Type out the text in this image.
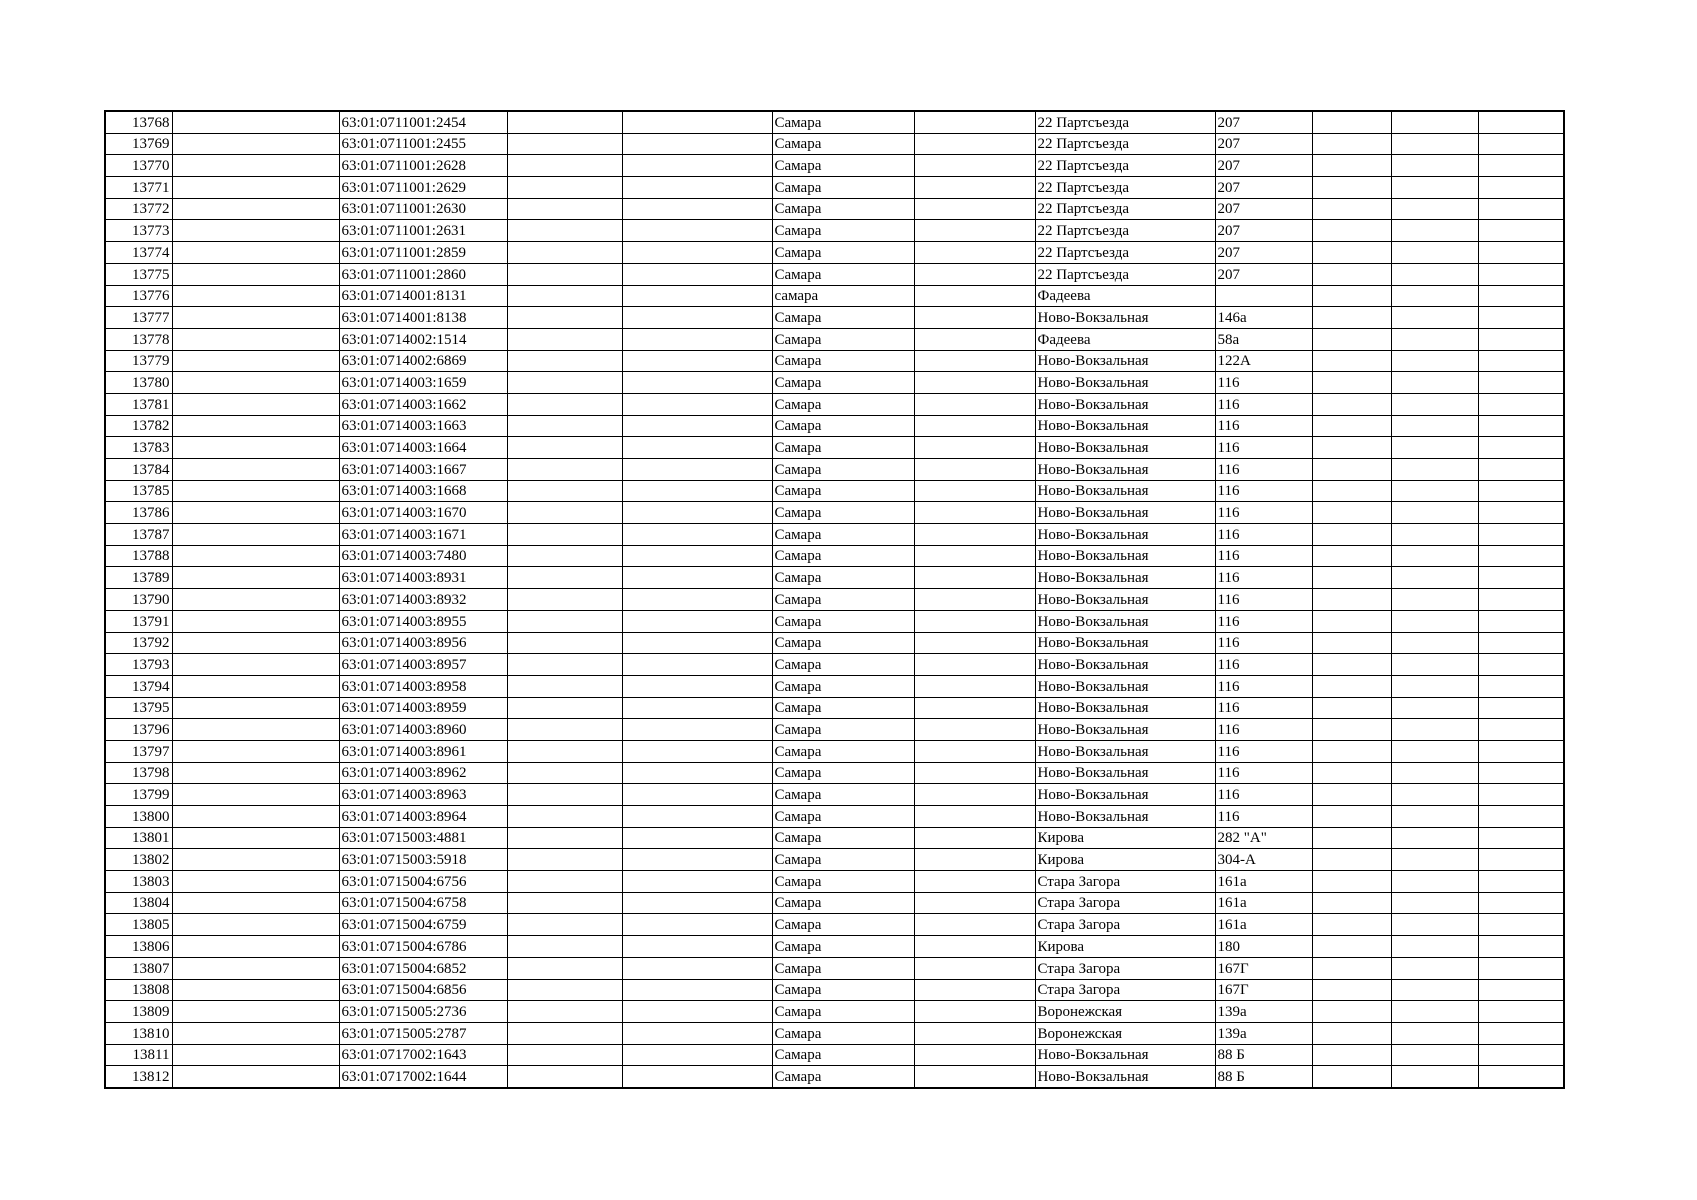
13768		63:01:0711001:2454			Самара		22 Партсъезда	207			
13769		63:01:0711001:2455			Самара		22 Партсъезда	207			
13770		63:01:0711001:2628			Самара		22 Партсъезда	207			
13771		63:01:0711001:2629			Самара		22 Партсъезда	207			
13772		63:01:0711001:2630			Самара		22 Партсъезда	207			
13773		63:01:0711001:2631			Самара		22 Партсъезда	207			
13774		63:01:0711001:2859			Самара		22 Партсъезда	207			
13775		63:01:0711001:2860			Самара		22 Партсъезда	207			
13776		63:01:0714001:8131			самара		Фадеева				
13777		63:01:0714001:8138			Самара		Ново-Вокзальная	146а			
13778		63:01:0714002:1514			Самара		Фадеева	58а			
13779		63:01:0714002:6869			Самара		Ново-Вокзальная	122А			
13780		63:01:0714003:1659			Самара		Ново-Вокзальная	116			
13781		63:01:0714003:1662			Самара		Ново-Вокзальная	116			
13782		63:01:0714003:1663			Самара		Ново-Вокзальная	116			
13783		63:01:0714003:1664			Самара		Ново-Вокзальная	116			
13784		63:01:0714003:1667			Самара		Ново-Вокзальная	116			
13785		63:01:0714003:1668			Самара		Ново-Вокзальная	116			
13786		63:01:0714003:1670			Самара		Ново-Вокзальная	116			
13787		63:01:0714003:1671			Самара		Ново-Вокзальная	116			
13788		63:01:0714003:7480			Самара		Ново-Вокзальная	116			
13789		63:01:0714003:8931			Самара		Ново-Вокзальная	116			
13790		63:01:0714003:8932			Самара		Ново-Вокзальная	116			
13791		63:01:0714003:8955			Самара		Ново-Вокзальная	116			
13792		63:01:0714003:8956			Самара		Ново-Вокзальная	116			
13793		63:01:0714003:8957			Самара		Ново-Вокзальная	116			
13794		63:01:0714003:8958			Самара		Ново-Вокзальная	116			
13795		63:01:0714003:8959			Самара		Ново-Вокзальная	116			
13796		63:01:0714003:8960			Самара		Ново-Вокзальная	116			
13797		63:01:0714003:8961			Самара		Ново-Вокзальная	116			
13798		63:01:0714003:8962			Самара		Ново-Вокзальная	116			
13799		63:01:0714003:8963			Самара		Ново-Вокзальная	116			
13800		63:01:0714003:8964			Самара		Ново-Вокзальная	116			
13801		63:01:0715003:4881			Самара		Кирова	282 "А"			
13802		63:01:0715003:5918			Самара		Кирова	304-А			
13803		63:01:0715004:6756			Самара		Стара Загора	161а			
13804		63:01:0715004:6758			Самара		Стара Загора	161а			
13805		63:01:0715004:6759			Самара		Стара Загора	161а			
13806		63:01:0715004:6786			Самара		Кирова	180			
13807		63:01:0715004:6852			Самара		Стара Загора	167Г			
13808		63:01:0715004:6856			Самара		Стара Загора	167Г			
13809		63:01:0715005:2736			Самара		Воронежская	139а			
13810		63:01:0715005:2787			Самара		Воронежская	139а			
13811		63:01:0717002:1643			Самара		Ново-Вокзальная	88 Б			
13812		63:01:0717002:1644			Самара		Ново-Вокзальная	88 Б			
